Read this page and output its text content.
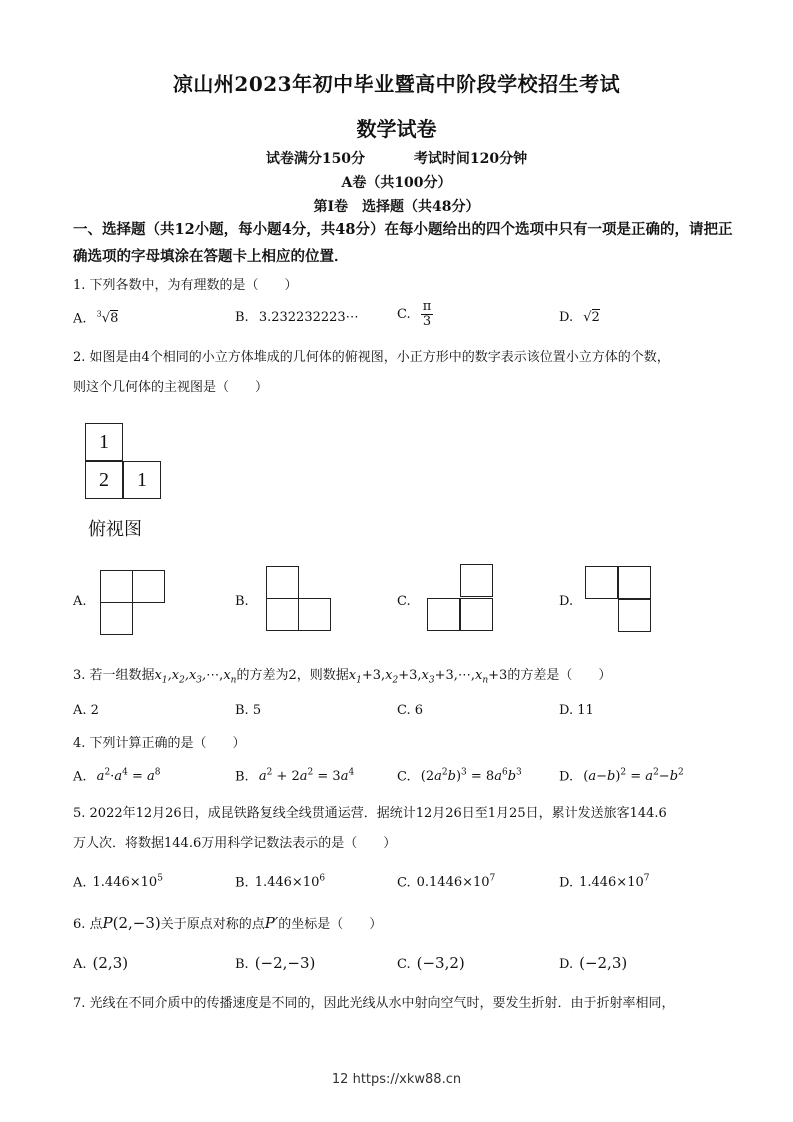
凉山州2023年初中毕业暨高中阶段学校招生考试
数学试卷
试卷满分150分	考试时间120分钟
A卷（共100分）
第Ⅰ卷　选择题（共48分）
一、选择题（共12小题，每小题4分，共48分）在每小题给出的四个选项中只有一项是正确的，请把正确选项的字母填涂在答题卡上相应的位置．
1. 下列各数中，为有理数的是（　　）
A. $^3$√8	B. 3.232232223⋯	C. $\frac{\pi}{3}$	D. √2
2. 如图是由4个相同的小立方体堆成的几何体的俯视图，小正方形中的数字表示该位置小立方体的个数，
则这个几何体的主视图是（　　）
1
2	1
俯视图
A.	B.	C.	D.
3. 若一组数据$x_1,x_2,x_3,\cdots,x_n$的方差为2，则数据$x_1+3,x_2+3,x_3+3,\cdots,x_n+3$的方差是（　　）
A. 2	B. 5	C. 6	D. 11
4. 下列计算正确的是（　　）
A. $a^2\cdot a^4 = a^8$	B. $a^2 + 2a^2 = 3a^4$	C. $(2a^2b)^3 = 8a^6b^3$	D. $(a-b)^2 = a^2-b^2$
5. 2022年12月26日，成昆铁路复线全线贯通运营．据统计12月26日至1月25日，累计发送旅客144.6
万人次．将数据144.6万用科学记数法表示的是（　　）
A. $1.446\times 10^5$	B. $1.446\times 10^6$	C. $0.1446\times 10^7$	D. $1.446\times 10^7$
6. 点P(2,−3)关于原点对称的点P′的坐标是（　　）
A. (2,3)	B. (−2,−3)	C. (−3,2)	D. (−2,3)
7. 光线在不同介质中的传播速度是不同的，因此光线从水中射向空气时，要发生折射．由于折射率相同，
12 https://xkw88.cn
